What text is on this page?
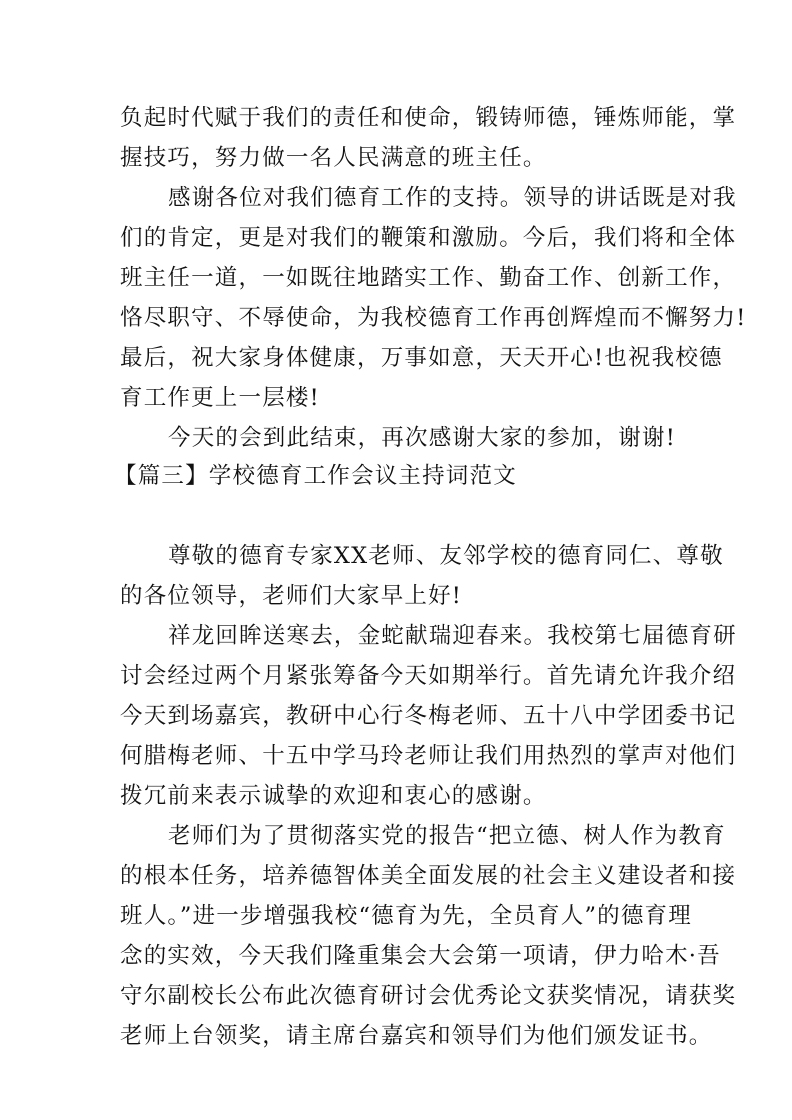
负起时代赋于我们的责任和使命，锻铸师德，锤炼师能，掌
握技巧，努力做一名人民满意的班主任。
感谢各位对我们德育工作的支持。领导的讲话既是对我
们的肯定，更是对我们的鞭策和激励。今后，我们将和全体
班主任一道，一如既往地踏实工作、勤奋工作、创新工作，
恪尽职守、不辱使命，为我校德育工作再创辉煌而不懈努力!
最后，祝大家身体健康，万事如意，天天开心!也祝我校德
育工作更上一层楼!
今天的会到此结束，再次感谢大家的参加，谢谢!
【篇三】学校德育工作会议主持词范文
尊敬的德育专家XX老师、友邻学校的德育同仁、尊敬
的各位领导，老师们大家早上好!
祥龙回眸送寒去，金蛇献瑞迎春来。我校第七届德育研
讨会经过两个月紧张筹备今天如期举行。首先请允许我介绍
今天到场嘉宾，教研中心行冬梅老师、五十八中学团委书记
何腊梅老师、十五中学马玲老师让我们用热烈的掌声对他们
拨冗前来表示诚挚的欢迎和衷心的感谢。
老师们为了贯彻落实党的报告“把立德、树人作为教育
的根本任务，培养德智体美全面发展的社会主义建设者和接
班人。”进一步增强我校“德育为先，全员育人”的德育理
念的实效，今天我们隆重集会大会第一项请，伊力哈木·吾
守尔副校长公布此次德育研讨会优秀论文获奖情况，请获奖
老师上台领奖，请主席台嘉宾和领导们为他们颁发证书。
